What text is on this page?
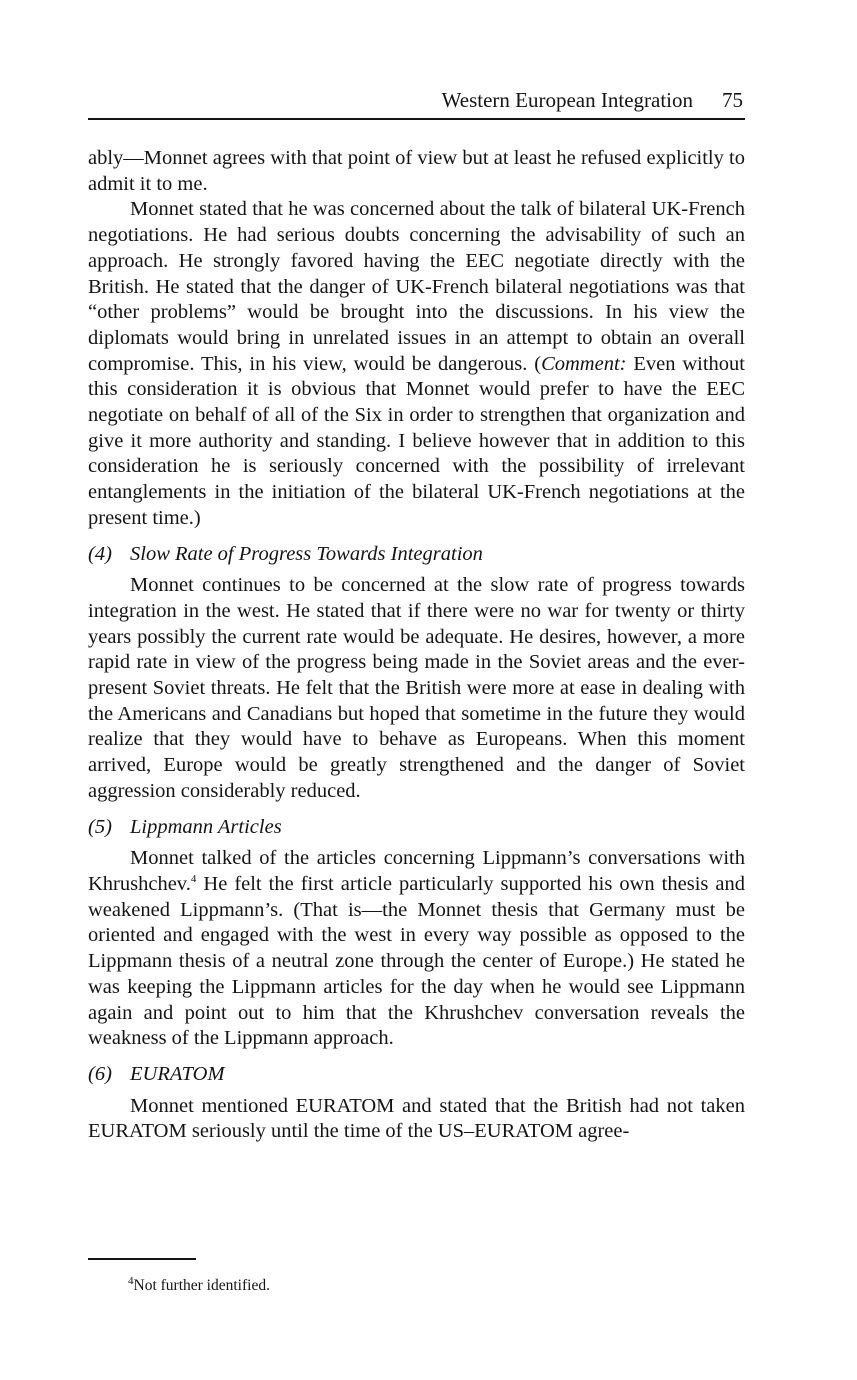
Western European Integration 75

ably—Monnet agrees with that point of view but at least he refused explicitly to admit it to me.

Monnet stated that he was concerned about the talk of bilateral UK-French negotiations. He had serious doubts concerning the advisability of such an approach. He strongly favored having the EEC negotiate directly with the British. He stated that the danger of UK-French bilateral negotiations was that “other problems” would be brought into the discussions. In his view the diplomats would bring in unrelated issues in an attempt to obtain an overall compromise. This, in his view, would be dangerous. (Comment: Even without this consideration it is obvious that Monnet would prefer to have the EEC negotiate on behalf of all of the Six in order to strengthen that organization and give it more authority and standing. I believe however that in addition to this consideration he is seriously concerned with the possibility of irrelevant entanglements in the initiation of the bilateral UK-French negotiations at the present time.)

(4) Slow Rate of Progress Towards Integration

Monnet continues to be concerned at the slow rate of progress towards integration in the west. He stated that if there were no war for twenty or thirty years possibly the current rate would be adequate. He desires, however, a more rapid rate in view of the progress being made in the Soviet areas and the ever-present Soviet threats. He felt that the British were more at ease in dealing with the Americans and Canadians but hoped that sometime in the future they would realize that they would have to behave as Europeans. When this moment arrived, Europe would be greatly strengthened and the danger of Soviet aggression considerably reduced.

(5) Lippmann Articles

Monnet talked of the articles concerning Lippmann’s conversations with Khrushchev.$^4$ He felt the first article particularly supported his own thesis and weakened Lippmann’s. (That is—the Monnet thesis that Germany must be oriented and engaged with the west in every way possible as opposed to the Lippmann thesis of a neutral zone through the center of Europe.) He stated he was keeping the Lippmann articles for the day when he would see Lippmann again and point out to him that the Khrushchev conversation reveals the weakness of the Lippmann approach.

(6) EURATOM

Monnet mentioned EURATOM and stated that the British had not taken EURATOM seriously until the time of the US–EURATOM agree-

$^4$Not further identified.
